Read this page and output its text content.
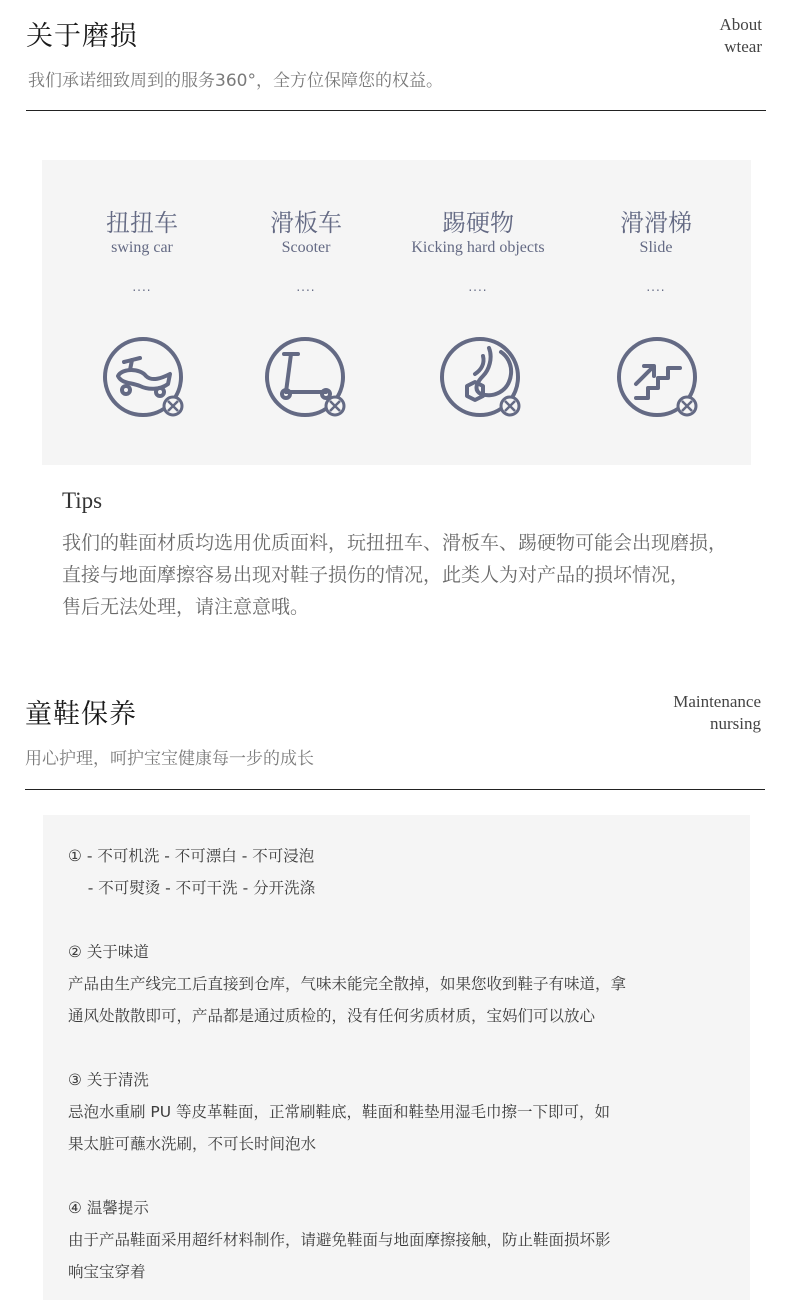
关于磨损	About
wtear
我们承诺细致周到的服务360°，全方位保障您的权益。
扭扭车
swing car
....
滑板车
Scooter
....
踢硬物
Kicking hard objects
....
滑滑梯
Slide
....
Tips
我们的鞋面材质均选用优质面料，玩扭扭车、滑板车、踢硬物可能会出现磨损，
直接与地面摩擦容易出现对鞋子损伤的情况，此类人为对产品的损坏情况，
售后无法处理，请注意意哦。
童鞋保养	Maintenance
nursing
用心护理，呵护宝宝健康每一步的成长
① - 不可机洗 - 不可漂白 - 不可浸泡
- 不可熨烫 - 不可干洗 - 分开洗涤
② 关于味道
产品由生产线完工后直接到仓库，气味未能完全散掉，如果您收到鞋子有味道，拿
通风处散散即可，产品都是通过质检的，没有任何劣质材质，宝妈们可以放心
③ 关于清洗
忌泡水重刷 PU 等皮革鞋面，正常刷鞋底，鞋面和鞋垫用湿毛巾擦一下即可，如
果太脏可蘸水洗刷，不可长时间泡水
④ 温馨提示
由于产品鞋面采用超纤材料制作，请避免鞋面与地面摩擦接触，防止鞋面损坏影
响宝宝穿着
